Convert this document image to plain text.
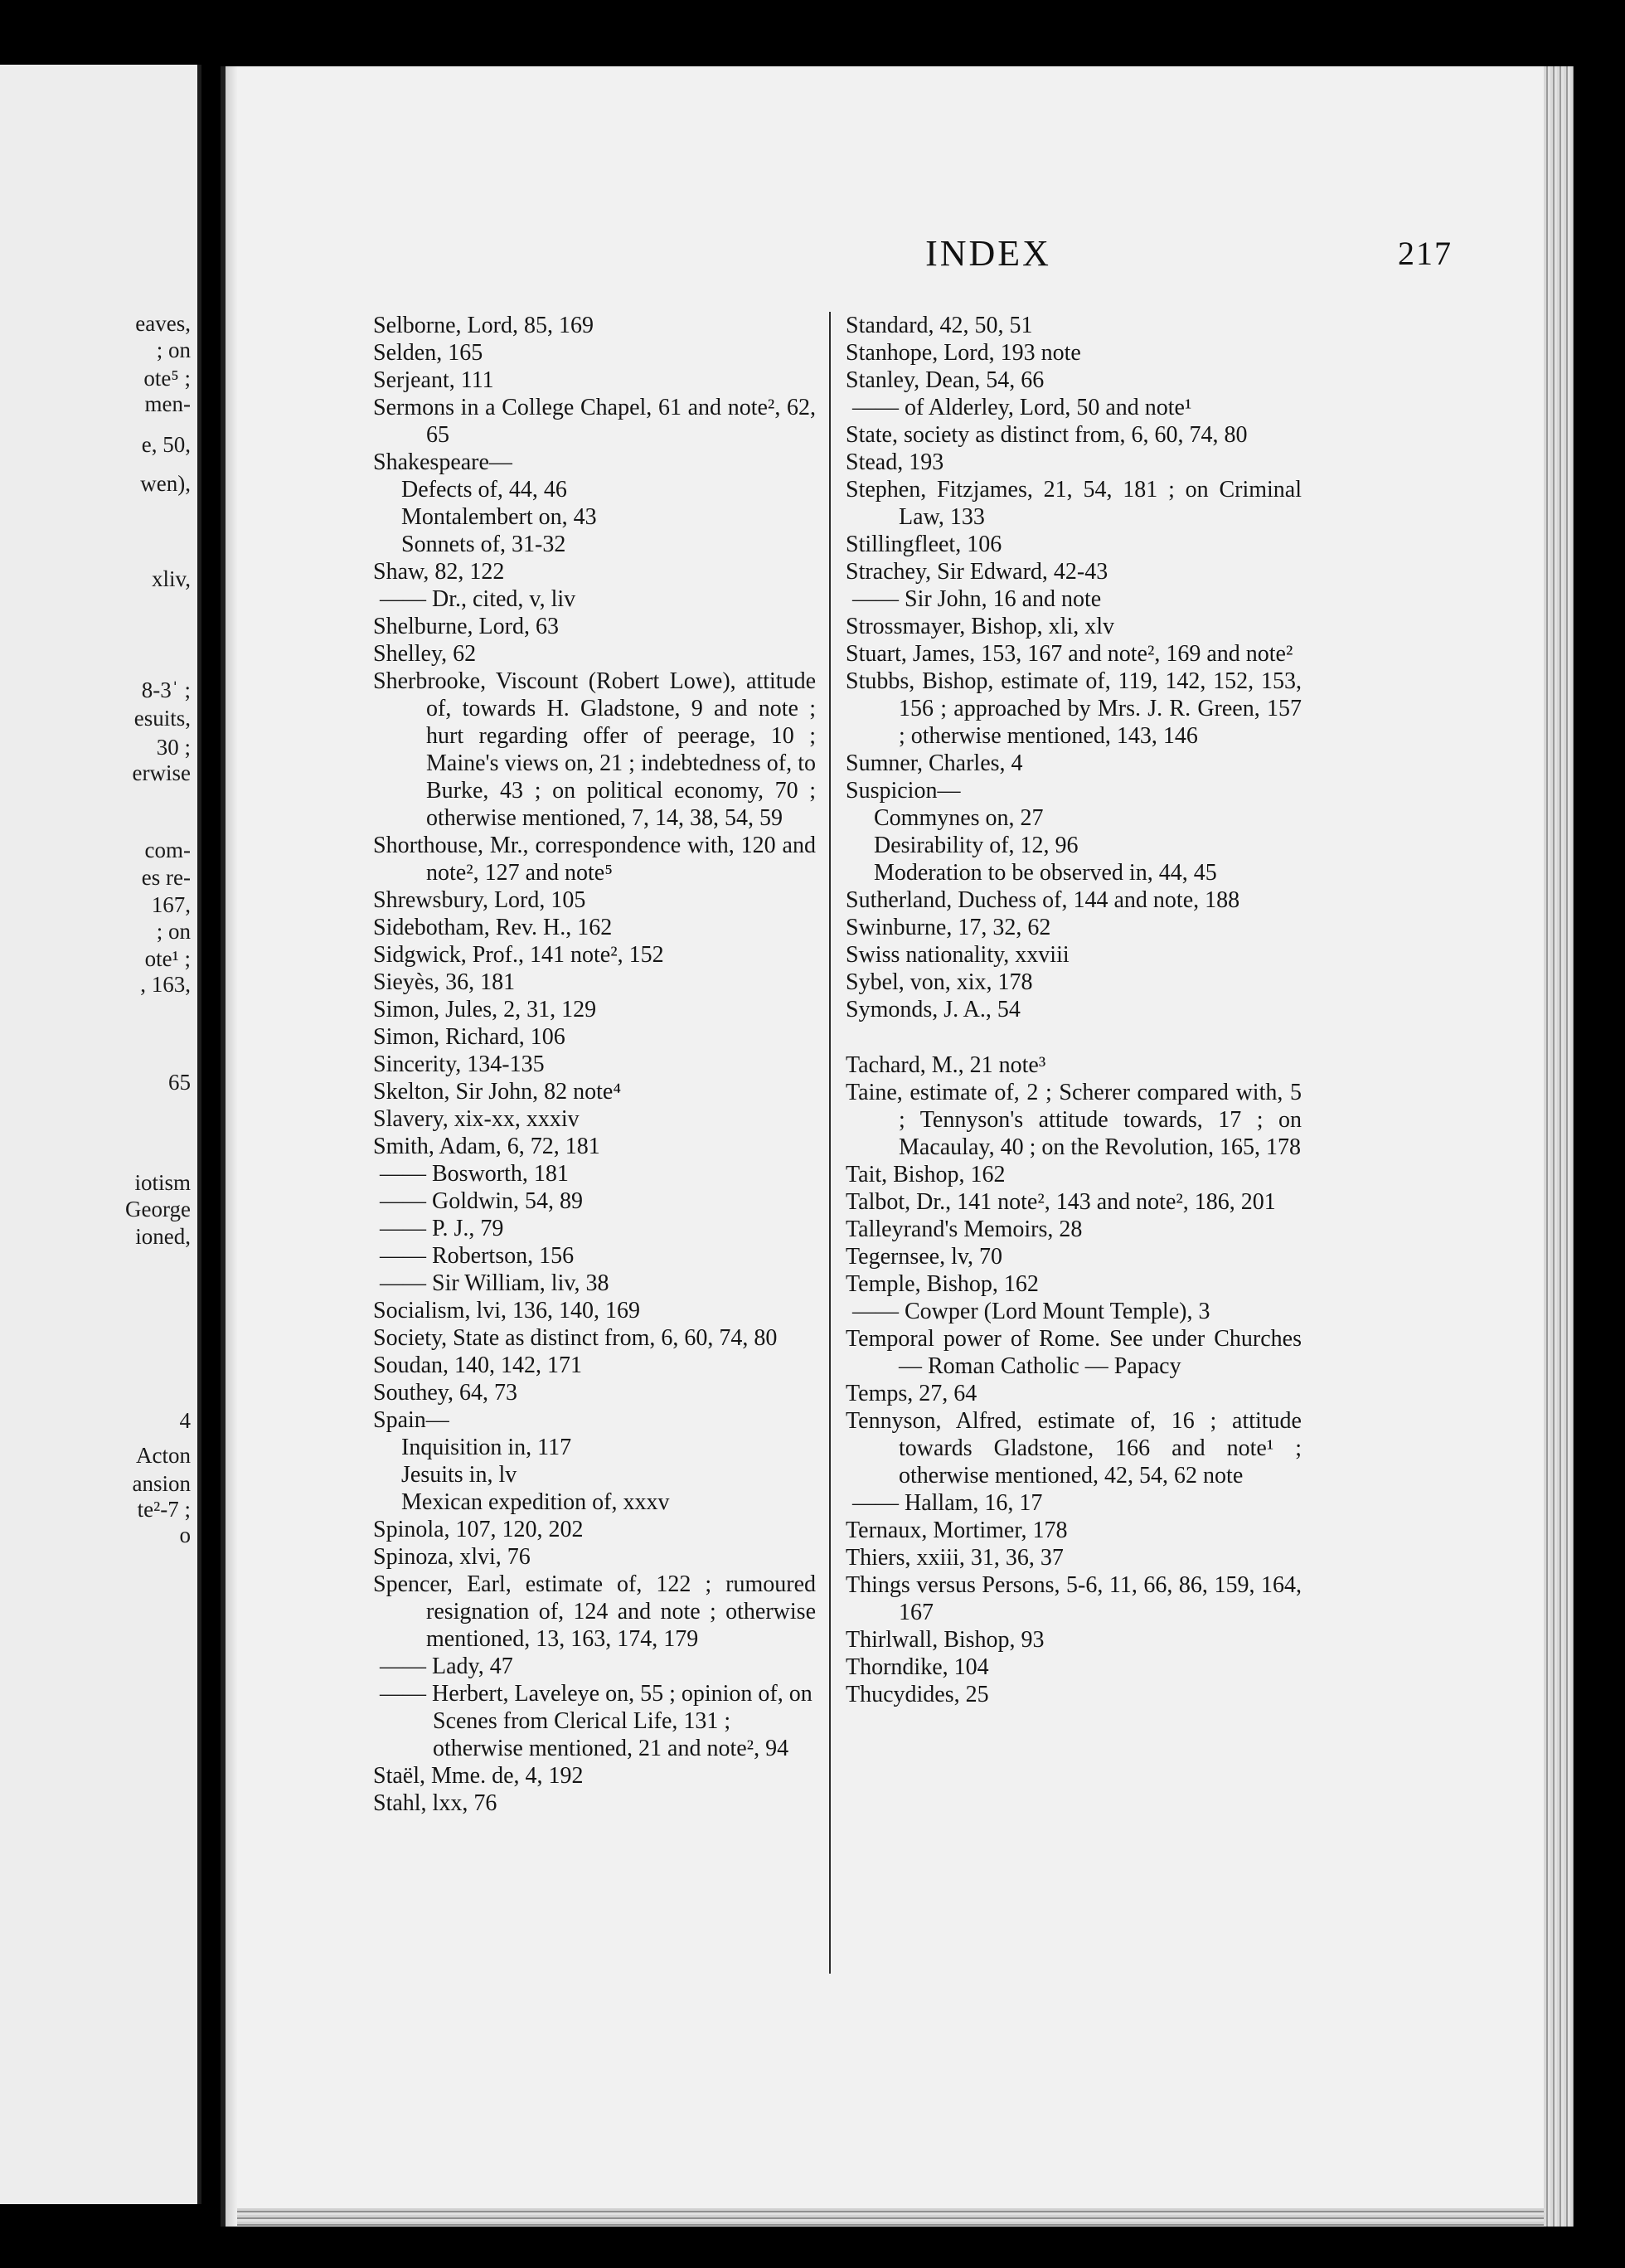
eaves,
; on
ote⁵ ;
men-
e, 50,
wen),
xliv,
8-3ˈ ;
esuits,
30 ;
erwise
com-
es re-
167,
; on
ote¹ ;
, 163,
65
iotism
George
ioned,
4
Acton
ansion
te²-7 ;
o
INDEX	217
Selborne, Lord, 85, 169
Selden, 165
Serjeant, 111
Sermons in a College Chapel, 61 and note², 62, 65
Shakespeare—
Defects of, 44, 46
Montalembert on, 43
Sonnets of, 31-32
Shaw, 82, 122
—— Dr., cited, v, liv
Shelburne, Lord, 63
Shelley, 62
Sherbrooke, Viscount (Robert Lowe), attitude of, towards H. Gladstone, 9 and note ; hurt regarding offer of peerage, 10 ; Maine's views on, 21 ; indebtedness of, to Burke, 43 ; on political economy, 70 ; otherwise mentioned, 7, 14, 38, 54, 59
Shorthouse, Mr., correspondence with, 120 and note², 127 and note⁵
Shrewsbury, Lord, 105
Sidebotham, Rev. H., 162
Sidgwick, Prof., 141 note², 152
Sieyès, 36, 181
Simon, Jules, 2, 31, 129
Simon, Richard, 106
Sincerity, 134-135
Skelton, Sir John, 82 note⁴
Slavery, xix-xx, xxxiv
Smith, Adam, 6, 72, 181
—— Bosworth, 181
—— Goldwin, 54, 89
—— P. J., 79
—— Robertson, 156
—— Sir William, liv, 38
Socialism, lvi, 136, 140, 169
Society, State as distinct from, 6, 60, 74, 80
Soudan, 140, 142, 171
Southey, 64, 73
Spain—
Inquisition in, 117
Jesuits in, lv
Mexican expedition of, xxxv
Spinola, 107, 120, 202
Spinoza, xlvi, 76
Spencer, Earl, estimate of, 122 ; rumoured resignation of, 124 and note ; otherwise mentioned, 13, 163, 174, 179
—— Lady, 47
—— Herbert, Laveleye on, 55 ; opinion of, on Scenes from Clerical Life, 131 ; otherwise mentioned, 21 and note², 94
Staël, Mme. de, 4, 192
Stahl, lxx, 76
Standard, 42, 50, 51
Stanhope, Lord, 193 note
Stanley, Dean, 54, 66
—— of Alderley, Lord, 50 and note¹
State, society as distinct from, 6, 60, 74, 80
Stead, 193
Stephen, Fitzjames, 21, 54, 181 ; on Criminal Law, 133
Stillingfleet, 106
Strachey, Sir Edward, 42-43
—— Sir John, 16 and note
Strossmayer, Bishop, xli, xlv
Stuart, James, 153, 167 and note², 169 and note²
Stubbs, Bishop, estimate of, 119, 142, 152, 153, 156 ; approached by Mrs. J. R. Green, 157 ; otherwise mentioned, 143, 146
Sumner, Charles, 4
Suspicion—
Commynes on, 27
Desirability of, 12, 96
Moderation to be observed in, 44, 45
Sutherland, Duchess of, 144 and note, 188
Swinburne, 17, 32, 62
Swiss nationality, xxviii
Sybel, von, xix, 178
Symonds, J. A., 54
Tachard, M., 21 note³
Taine, estimate of, 2 ; Scherer compared with, 5 ; Tennyson's attitude towards, 17 ; on Macaulay, 40 ; on the Revolution, 165, 178
Tait, Bishop, 162
Talbot, Dr., 141 note², 143 and note², 186, 201
Talleyrand's Memoirs, 28
Tegernsee, lv, 70
Temple, Bishop, 162
—— Cowper (Lord Mount Temple), 3
Temporal power of Rome. See under Churches — Roman Catholic — Papacy
Temps, 27, 64
Tennyson, Alfred, estimate of, 16 ; attitude towards Gladstone, 166 and note¹ ; otherwise mentioned, 42, 54, 62 note
—— Hallam, 16, 17
Ternaux, Mortimer, 178
Thiers, xxiii, 31, 36, 37
Things versus Persons, 5-6, 11, 66, 86, 159, 164, 167
Thirlwall, Bishop, 93
Thorndike, 104
Thucydides, 25
